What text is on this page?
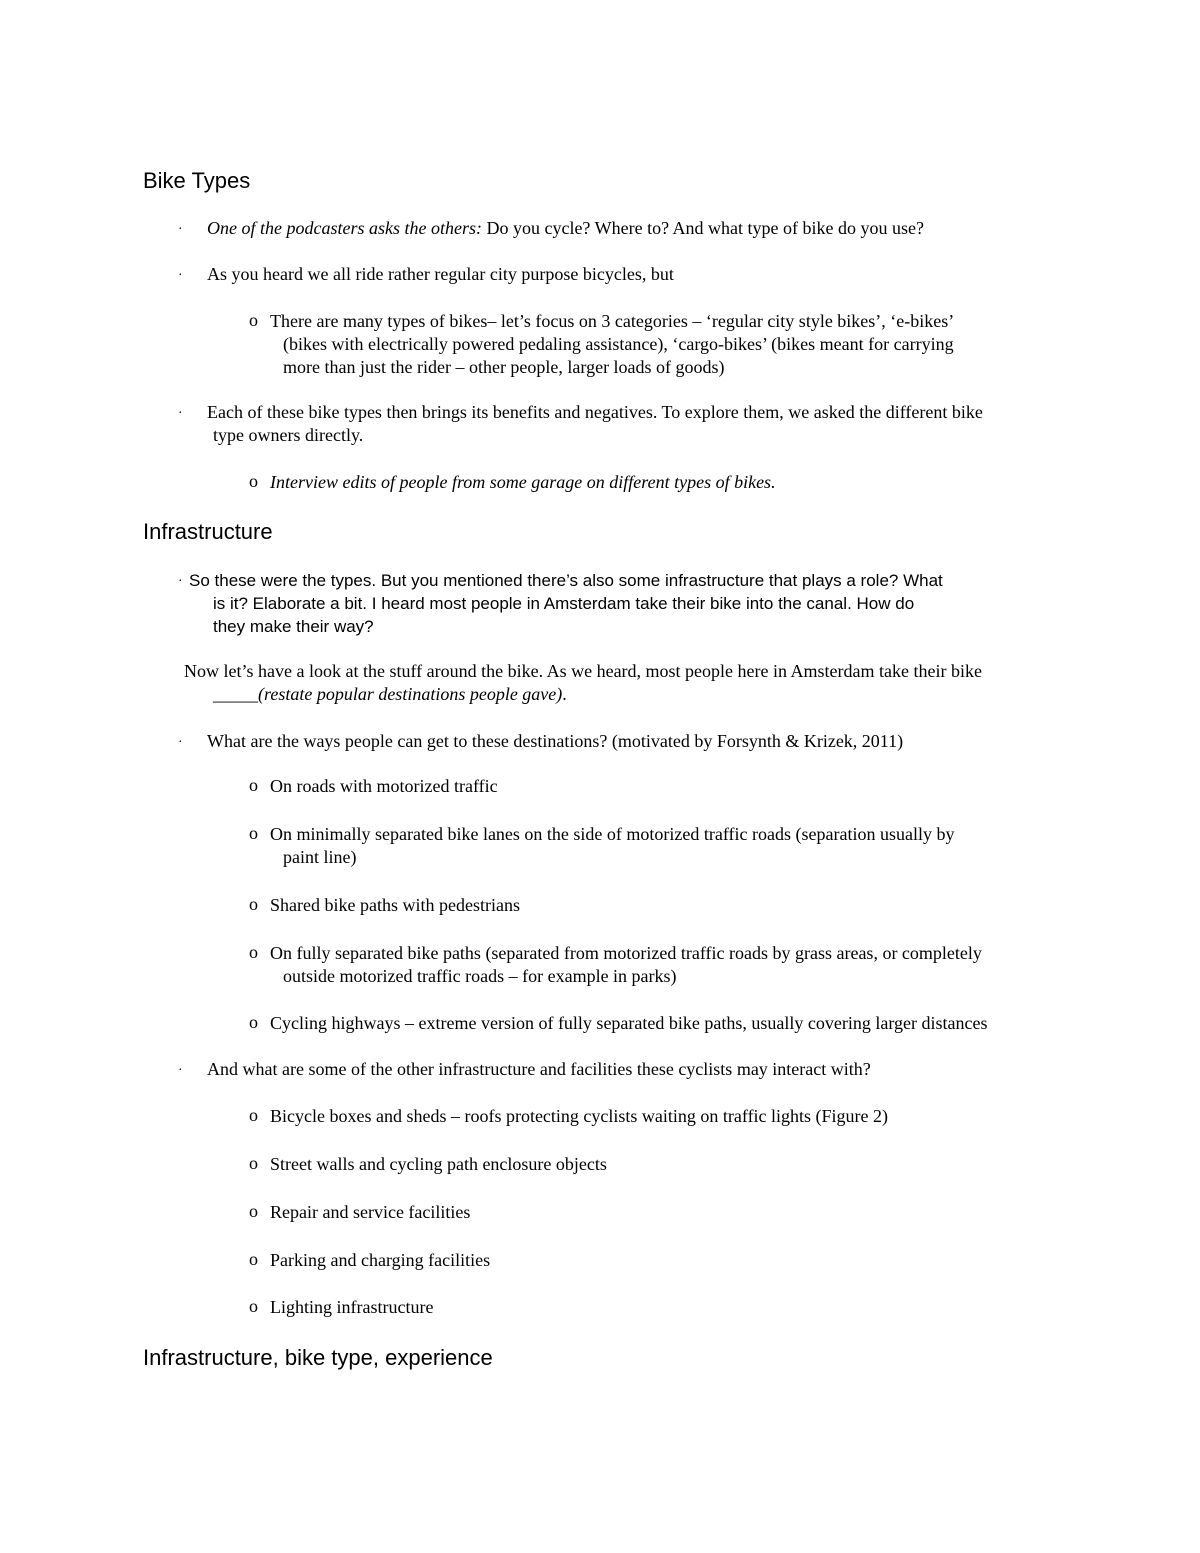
Bike Types
· One of the podcasters asks the others: Do you cycle? Where to? And what type of bike do you use?
· As you heard we all ride rather regular city purpose bicycles, but
o There are many types of bikes– let’s focus on 3 categories – ‘regular city style bikes’, ‘e-bikes’

(bikes with electrically powered pedaling assistance), ‘cargo-bikes’ (bikes meant for carrying

more than just the rider – other people, larger loads of goods)

· Each of these bike types then brings its benefits and negatives. To explore them, we asked the different bike

type owners directly.

o Interview edits of people from some garage on different types of bikes.
Infrastructure
· So these were the types. But you mentioned there’s also some infrastructure that plays a role? What

is it? Elaborate a bit. I heard most people in Amsterdam take their bike into the canal. How do

they make their way?

Now let’s have a look at the stuff around the bike. As we heard, most people here in Amsterdam take their bike
_____(restate popular destinations people gave).
· What are the ways people can get to these destinations? (motivated by Forsynth & Krizek, 2011)
o On roads with motorized traffic
o On minimally separated bike lanes on the side of motorized traffic roads (separation usually by

paint line)

o Shared bike paths with pedestrians
o On fully separated bike paths (separated from motorized traffic roads by grass areas, or completely

outside motorized traffic roads – for example in parks)

o Cycling highways – extreme version of fully separated bike paths, usually covering larger distances
· And what are some of the other infrastructure and facilities these cyclists may interact with?
o Bicycle boxes and sheds – roofs protecting cyclists waiting on traffic lights (Figure 2)
o Street walls and cycling path enclosure objects
o Repair and service facilities
o Parking and charging facilities
o Lighting infrastructure
Infrastructure, bike type, experience
